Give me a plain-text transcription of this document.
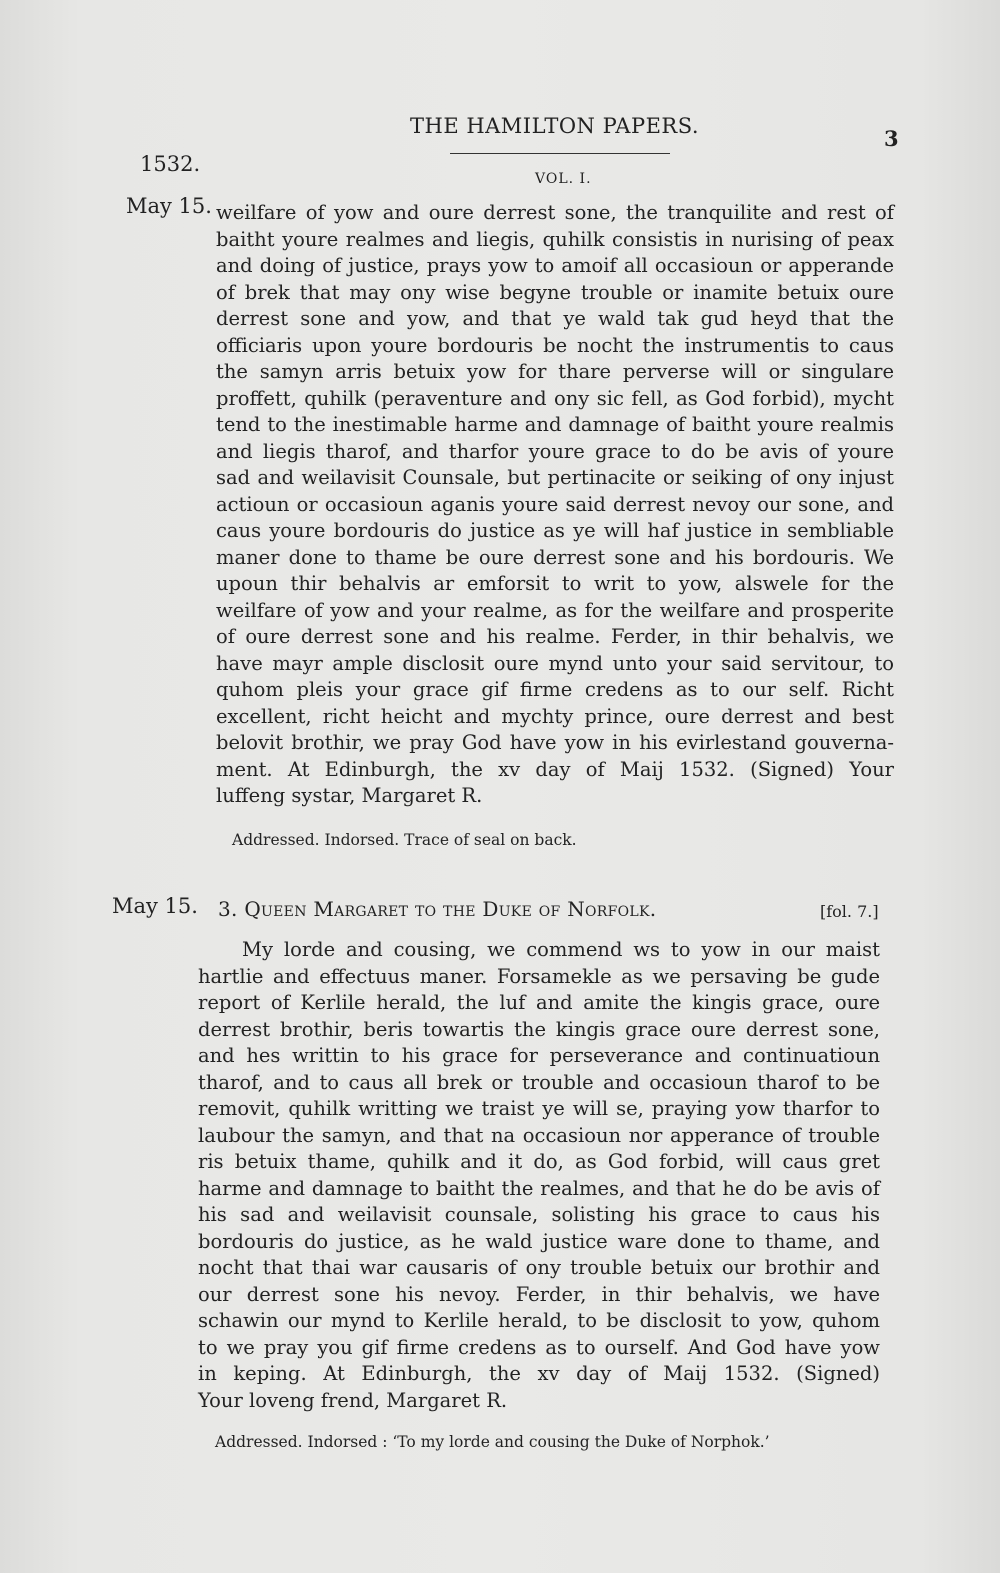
THE HAMILTON PAPERS.	3
1532.
VOL. I.
May 15. weilfare of yow and oure derrest sone, the tranquilite and rest of
baitht youre realmes and liegis, quhilk consistis in nurising of peax
and doing of justice, prays yow to amoif all occasioun or apperande
of brek that may ony wise begyne trouble or inamite betuix oure
derrest sone and yow, and that ye wald tak gud heyd that the
officiaris upon youre bordouris be nocht the instrumentis to caus
the samyn arris betuix yow for thare perverse will or singulare
proffett, quhilk (peraventure and ony sic fell, as God forbid), mycht
tend to the inestimable harme and damnage of baitht youre realmis
and liegis tharof, and tharfor youre grace to do be avis of youre
sad and weilavisit Counsale, but pertinacite or seiking of ony injust
actioun or occasioun aganis youre said derrest nevoy our sone, and
caus youre bordouris do justice as ye will haf justice in sembliable
maner done to thame be oure derrest sone and his bordouris. We
upoun thir behalvis ar emforsit to writ to yow, alswele for the
weilfare of yow and your realme, as for the weilfare and prosperite
of oure derrest sone and his realme. Ferder, in thir behalvis, we
have mayr ample disclosit oure mynd unto your said servitour, to
quhom pleis your grace gif firme credens as to our self. Richt
excellent, richt heicht and mychty prince, oure derrest and best
belovit brothir, we pray God have yow in his evirlestand gouverna-
ment. At Edinburgh, the xv day of Maij 1532. (Signed) Your
luffeng systar, Margaret R.
Addressed. Indorsed. Trace of seal on back.
May 15. 3. Queen Margaret to the Duke of Norfolk.	[fol. 7.]
My lorde and cousing, we commend ws to yow in our maist
hartlie and effectuus maner. Forsamekle as we persaving be gude
report of Kerlile herald, the luf and amite the kingis grace, oure
derrest brothir, beris towartis the kingis grace oure derrest sone,
and hes writtin to his grace for perseverance and continuatioun
tharof, and to caus all brek or trouble and occasioun tharof to be
removit, quhilk writting we traist ye will se, praying yow tharfor to
laubour the samyn, and that na occasioun nor apperance of trouble
ris betuix thame, quhilk and it do, as God forbid, will caus gret
harme and damnage to baitht the realmes, and that he do be avis of
his sad and weilavisit counsale, solisting his grace to caus his
bordouris do justice, as he wald justice ware done to thame, and
nocht that thai war causaris of ony trouble betuix our brothir and
our derrest sone his nevoy. Ferder, in thir behalvis, we have
schawin our mynd to Kerlile herald, to be disclosit to yow, quhom
to we pray you gif firme credens as to ourself. And God have yow
in keping. At Edinburgh, the xv day of Maij 1532. (Signed)
Your loveng frend, Margaret R.
Addressed. Indorsed : ‘To my lorde and cousing the Duke of Norphok.’
